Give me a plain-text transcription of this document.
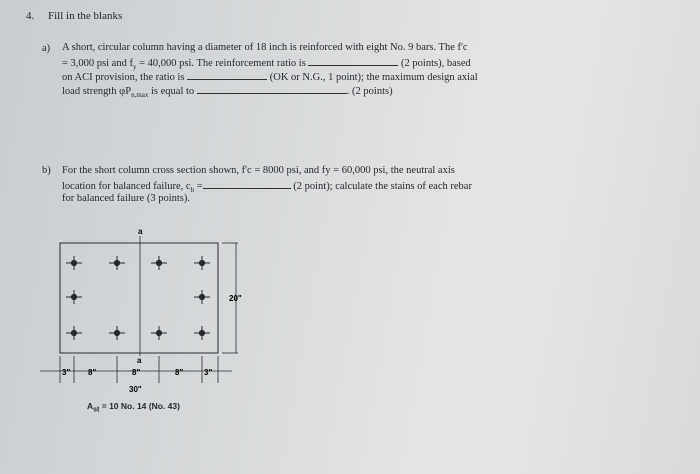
4. Fill in the blanks
a) A short, circular column having a diameter of 18 inch is reinforced with eight No. 9 bars. The f'c
= 3,000 psi and $f_y = 40,000$ psi. The reinforcement ratio is	(2 points), based
on ACI provision, the ratio is	(OK or N.G., 1 point); the maximum design axial
load strength $\varphi P_{n,max}$ is equal to	. (2 points)
b) For the short column cross section shown, f'c = 8000 psi, and fy = 60,000 psi, the neutral axis
location for balanced failure, $c_b$ =	(2 point); calculate the stains of each rebar
for balanced failure (3 points).
a
a
20"
3" 8"	8"	8"	3"
30"
$A_{st} = 10$ No. 14 (No. 43)
